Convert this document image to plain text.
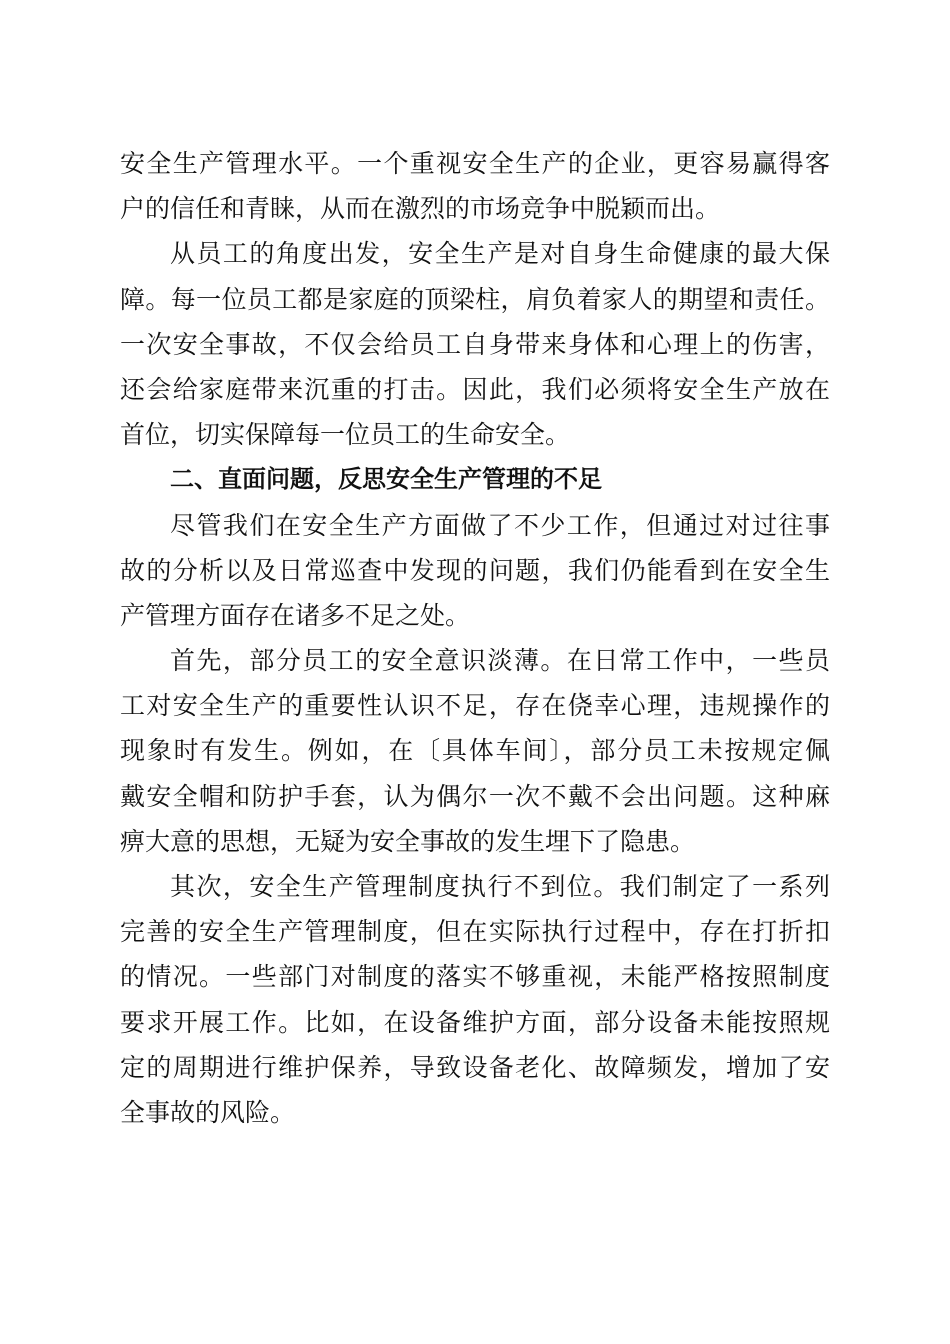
安全生产管理水平。一个重视安全生产的企业，更容易赢得客
户的信任和青睐，从而在激烈的市场竞争中脱颖而出。
从员工的角度出发，安全生产是对自身生命健康的最大保
障。每一位员工都是家庭的顶梁柱，肩负着家人的期望和责任。
一次安全事故，不仅会给员工自身带来身体和心理上的伤害，
还会给家庭带来沉重的打击。因此，我们必须将安全生产放在
首位，切实保障每一位员工的生命安全。
二、直面问题，反思安全生产管理的不足
尽管我们在安全生产方面做了不少工作，但通过对过往事
故的分析以及日常巡查中发现的问题，我们仍能看到在安全生
产管理方面存在诸多不足之处。
首先，部分员工的安全意识淡薄。在日常工作中，一些员
工对安全生产的重要性认识不足，存在侥幸心理，违规操作的
现象时有发生。例如，在〔具体车间〕，部分员工未按规定佩
戴安全帽和防护手套，认为偶尔一次不戴不会出问题。这种麻
痹大意的思想，无疑为安全事故的发生埋下了隐患。
其次，安全生产管理制度执行不到位。我们制定了一系列
完善的安全生产管理制度，但在实际执行过程中，存在打折扣
的情况。一些部门对制度的落实不够重视，未能严格按照制度
要求开展工作。比如，在设备维护方面，部分设备未能按照规
定的周期进行维护保养，导致设备老化、故障频发，增加了安
全事故的风险。
